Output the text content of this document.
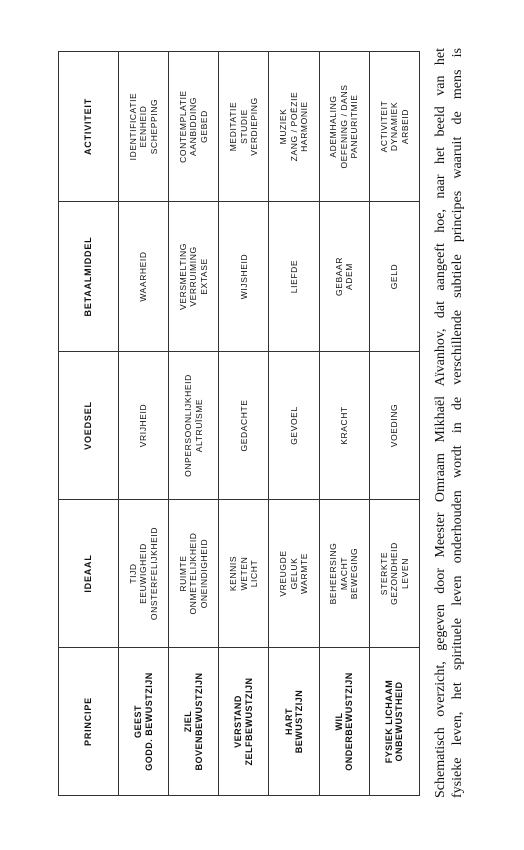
PRINCIPE	IDEAAL	VOEDSEL	BETAALMIDDEL	ACTIVITEIT

GEEST GODD. BEWUSTZIJN	TIJD EEUWIGHEID ONSTERFELIJKHEID	VRIJHEID	WAARHEID	IDENTIFICATIE EENHEID SCHEPPING

ZIEL BOVENBEWUSTZIJN	RUIMTE ONMETELIJKHEID ONEINDIGHEID	ONPERSOONLIJKHEID ALTRUÏSME	VERSMELTING VERRUIMING EXTASE	CONTEMPLATIE AANBIDDING GEBED

VERSTAND ZELFBEWUSTZIJN	KENNIS WETEN LICHT	GEDACHTE	WIJSHEID	MEDITATIE STUDIE VERDIEPING

HART BEWUSTZIJN	VREUGDE GELUK WARMTE	GEVOEL	LIEFDE	MUZIEK ZANG / POËZIE HARMONIE

WIL ONDERBEWUSTZIJN	BEHEERSING MACHT BEWEGING	KRACHT	GEBAAR ADEM	ADEMHALING OEFENING / DANS PANEURITMIE

FYSIEK LICHAAM ONBEWUSTHEID	STERKTE GEZONDHEID LEVEN	VOEDING	GELD	ACTIVITEIT DYNAMIEK ARBEID Schematisch overzicht, gegeven door Meester Omraam Mikhaël Aïvanhov, dat aangeeft hoe, naar het beeld van het fysieke leven, het spirituele leven onderhouden wordt in de verschillende subtiele principes waaruit de mens is
